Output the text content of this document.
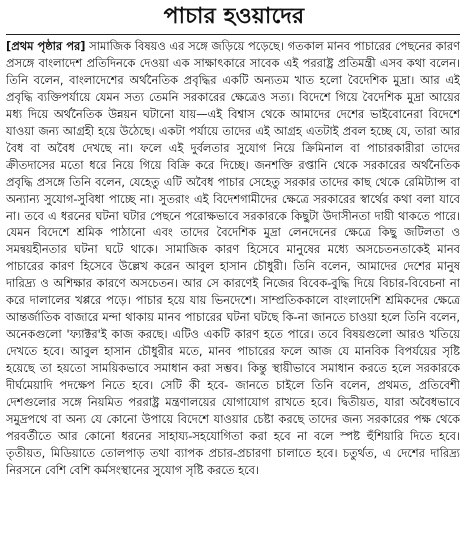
পাচার হওয়াদের
[প্রথম পৃষ্ঠার পর] সামাজিক বিষয়ও এর সঙ্গে জড়িয়ে পড়েছে। গতকাল মানব পাচারের পেছনের কারণ প্রসঙ্গে বাংলাদেশ প্রতিদিনকে দেওয়া এক সাক্ষাৎকারে সাবেক এই পররাষ্ট্র প্রতিমন্ত্রী এসব কথা বলেন। তিনি বলেন, বাংলাদেশের অর্থনৈতিক প্রবৃদ্ধির একটি অন্যতম খাত হলো বৈদেশিক মুদ্রা। আর এই প্রবৃদ্ধি ব্যক্তিপর্যায়ে যেমন সত্য তেমনি সরকারের ক্ষেত্রেও সত্য। বিদেশে গিয়ে বৈদেশিক মুদ্রা আয়ের মধ্য দিয়ে অর্থনৈতিক উন্নয়ন ঘটানো যায়—এই বিশ্বাস থেকে আমাদের দেশের ভাইবোনেরা বিদেশে যাওয়া জন্য আগ্রহী হয়ে উঠেছে। একটা পর্যায়ে তাদের এই আগ্রহ এতটাই প্রবল হচ্ছে যে, তারা আর বৈধ বা অবৈধ দেখছে না। ফলে এই দুর্বলতার সুযোগ নিয়ে ক্রিমিনাল বা পাচারকারীরা তাদের ক্রীতদাসের মতো ধরে নিয়ে গিয়ে বিক্রি করে দিচ্ছে। জনশক্তি রপ্তানি থেকে সরকারের অর্থনৈতিক প্রবৃদ্ধি প্রসঙ্গে তিনি বলেন, যেহেতু এটি অবৈধ পাচার সেহেতু সরকার তাদের কাছ থেকে রেমিট্যান্স বা অন্যান্য সুযোগ-সুবিধা পাচ্ছে না। সুতরাং এই বিদেশগামীদের ক্ষেত্রে সরকারের স্বার্থের কথা বলা যাবে না। তবে এ ধরনের ঘটনা ঘটার পেছনে পরোক্ষভাবে সরকারকে কিছুটা উদাসীনতা দায়ী থাকতে পারে। যেমন বিদেশে শ্রমিক পাঠানো এবং তাদের বৈদেশিক মুদ্রা লেনদেনের ক্ষেত্রে কিছু জটিলতা ও সমন্বয়হীনতার ঘটনা ঘটে থাকে। সামাজিক কারণ হিসেবে মানুষের মধ্যে অসচেতনতাকেই মানব পাচারের কারণ হিসেবে উল্লেখ করেন আবুল হাসান চৌধুরী। তিনি বলেন, আমাদের দেশের মানুষ দারিদ্র্য ও অশিক্ষার কারণে অসচেতন। আর সে কারণেই নিজের বিবেক-বুদ্ধি দিয়ে বিচার-বিবেচনা না করে দালালের খপ্পরে পড়ে। পাচার হয়ে যায় ভিনদেশে। সাম্প্রতিককালে বাংলাদেশি শ্রমিকদের ক্ষেত্রে আন্তর্জাতিক বাজারে মন্দা থাকায় মানব পাচারের ঘটনা ঘটছে কি-না জানতে চাওয়া হলে তিনি বলেন, অনেকগুলো 'ফ্যাক্টর'ই কাজ করছে। এটিও একটি কারণ হতে পারে। তবে বিষয়গুলো আরও খতিয়ে দেখতে হবে। আবুল হাসান চৌধুরীর মতে, মানব পাচারের ফলে আজ যে মানবিক বিপর্যয়ের সৃষ্টি হয়েছে তা হয়তো সাময়িকভাবে সমাধান করা সম্ভব। কিন্তু স্থায়ীভাবে সমাধান করতে হলে সরকারকে দীর্ঘমেয়াদি পদক্ষেপ নিতে হবে। সেটি কী হবে- জানতে চাইলে তিনি বলেন, প্রথমত, প্রতিবেশী দেশগুলোর সঙ্গে নিয়মিত পররাষ্ট্র মন্ত্রণালয়ের যোগাযোগ রাখতে হবে। দ্বিতীয়ত, যারা অবৈধভাবে সমুদ্রপথে বা অন্য যে কোনো উপায়ে বিদেশে যাওয়ার চেষ্টা করছে তাদের জন্য সরকারের পক্ষ থেকে পরবর্তীতে আর কোনো ধরনের সাহায্য-সহযোগিতা করা হবে না বলে স্পষ্ট হুঁশিয়ারি দিতে হবে। তৃতীয়ত, মিডিয়াতে তোলপাড় তথা ব্যাপক প্রচার-প্রচারণা চালাতে হবে। চতুর্থত, এ দেশের দারিদ্র্য নিরসনে বেশি বেশি কর্মসংস্থানের সুযোগ সৃষ্টি করতে হবে।
